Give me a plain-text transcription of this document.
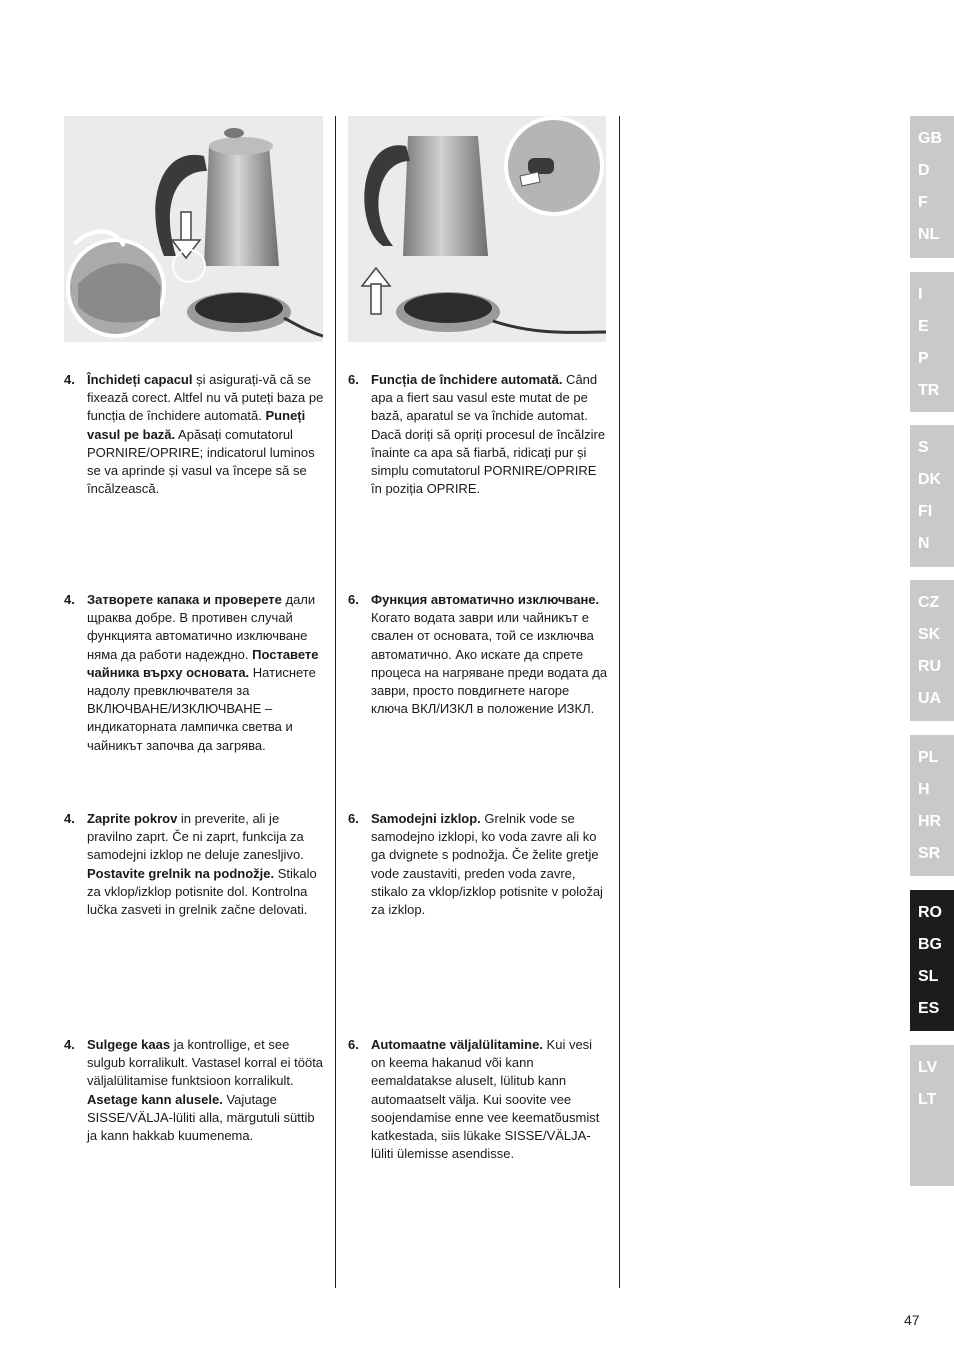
4. Închideți capacul și asigurați-vă că se fixează corect. Altfel nu vă puteți baza pe funcția de închidere automată. Puneți vasul pe bază. Apăsați comutatorul PORNIRE/OPRIRE; indicatorul luminos se va aprinde și vasul va începe să se încălzească.
6. Funcția de închidere automată. Când apa a fiert sau vasul este mutat de pe bază, aparatul se va închide automat. Dacă doriți să opriți procesul de încălzire înainte ca apa să fiarbă, ridicați pur și simplu comutatorul PORNIRE/OPRIRE în poziția OPRIRE.
4. Затворете капака и проверете дали щраква добре. В противен случай функцията автоматично изключване няма да работи надеждно. Поставете чайника върху основата. Натиснете надолу превключвателя за ВКЛЮЧВАНЕ/ИЗКЛЮЧВАНЕ – индикаторната лампичка светва и чайникът започва да загрява.
6. Функция автоматично изключване. Когато водата заври или чайникът е свален от основата, той се изключва автоматично. Ако искате да спрете процеса на нагряване преди водата да заври, просто повдигнете нагоре ключа ВКЛ/ИЗКЛ в положение ИЗКЛ.
4. Zaprite pokrov in preverite, ali je pravilno zaprt. Če ni zaprt, funkcija za samodejni izklop ne deluje zanesljivo. Postavite grelnik na podnožje. Stikalo za vklop/izklop potisnite dol. Kontrolna lučka zasveti in grelnik začne delovati.
6. Samodejni izklop. Grelnik vode se samodejno izklopi, ko voda zavre ali ko ga dvignete s podnožja. Če želite gretje vode zaustaviti, preden voda zavre, stikalo za vklop/izklop potisnite v položaj za izklop.
4. Sulgege kaas ja kontrollige, et see sulgub korralikult. Vastasel korral ei tööta väljalülitamise funktsioon korralikult. Asetage kann alusele. Vajutage SISSE/VÄLJA-lüliti alla, märgutuli süttib ja kann hakkab kuumenema.
6. Automaatne väljalülitamine. Kui vesi on keema hakanud või kann eemaldatakse aluselt, lülitub kann automaatselt välja. Kui soovite vee soojendamise enne vee keematõusmist katkestada, siis lükake SISSE/VÄLJA-lüliti ülemisse asendisse.
GB
D
F
NL
I
E
P
TR
S
DK
FI
N
CZ
SK
RU
UA
PL
H
HR
SR
RO
BG
SL
ES
LV
LT
47
